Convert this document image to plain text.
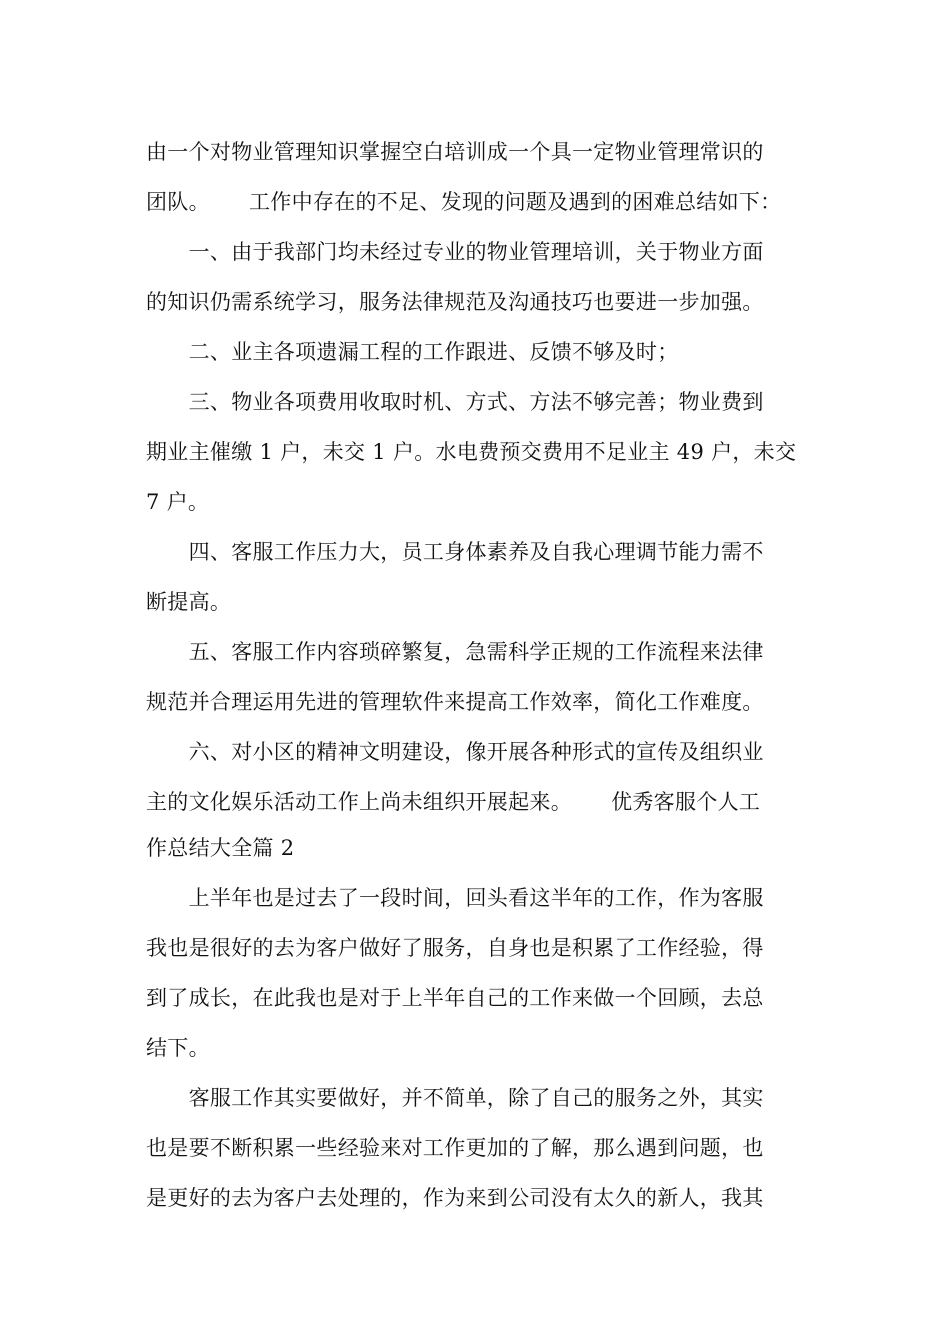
由一个对物业管理知识掌握空白培训成一个具一定物业管理常识的
团队。　　 工作中存在的不足、发现的问题及遇到的困难总结如下：
　　一、由于我部门均未经过专业的物业管理培训，关于物业方面
的知识仍需系统学习，服务法律规范及沟通技巧也要进一步加强。
　　二、业主各项遗漏工程的工作跟进、反馈不够及时；
　　三、物业各项费用收取时机、方式、方法不够完善；物业费到
期业主催缴 1 户，未交 1 户。水电费预交费用不足业主 49 户，未交
7 户。
　　四、客服工作压力大，员工身体素养及自我心理调节能力需不
断提高。
　　五、客服工作内容琐碎繁复，急需科学正规的工作流程来法律
规范并合理运用先进的管理软件来提高工作效率，简化工作难度。
　　六、对小区的精神文明建设，像开展各种形式的宣传及组织业
主的文化娱乐活动工作上尚未组织开展起来。　　 优秀客服个人工
作总结大全篇 2
　　上半年也是过去了一段时间，回头看这半年的工作，作为客服
我也是很好的去为客户做好了服务，自身也是积累了工作经验，得
到了成长，在此我也是对于上半年自己的工作来做一个回顾，去总
结下。
　　客服工作其实要做好，并不简单，除了自己的服务之外，其实
也是要不断积累一些经验来对工作更加的了解，那么遇到问题，也
是更好的去为客户去处理的，作为来到公司没有太久的新人，我其
